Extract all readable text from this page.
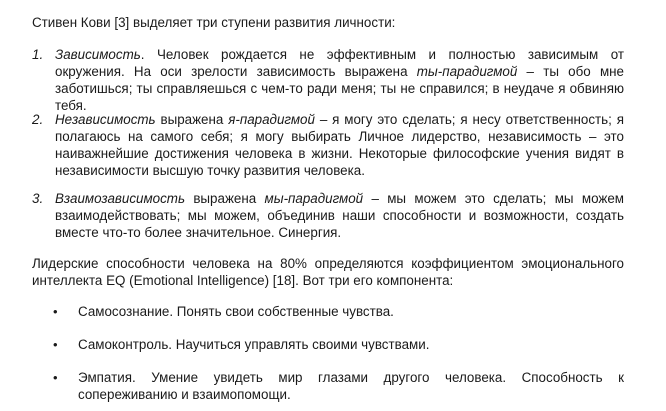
Стивен Кови [3] выделяет три ступени развития личности:

1. Зависимость. Человек рождается не эффективным и полностью зависимым от окружения. На оси зрелости зависимость выражена ты-парадигмой – ты обо мне заботишься; ты справляешься с чем-то ради меня; ты не справился; в неудаче я обвиняю тебя.
2. Независимость выражена я-парадигмой – я могу это сделать; я несу ответственность; я полагаюсь на самого себя; я могу выбирать Личное лидерство, независимость – это наиважнейшие достижения человека в жизни. Некоторые философские учения видят в независимости высшую точку развития человека.
3. Взаимозависимость выражена мы-парадигмой – мы можем это сделать; мы можем взаимодействовать; мы можем, объединив наши способности и возможности, создать вместе что-то более значительное. Синергия.

Лидерские способности человека на 80% определяются коэффициентом эмоционального интеллекта EQ (Emotional Intelligence) [18]. Вот три его компонента:

•	Самосознание. Понять свои собственные чувства.
•	Самоконтроль. Научиться управлять своими чувствами.
•	Эмпатия. Умение увидеть мир глазами другого человека. Способность к сопереживанию и взаимопомощи.
